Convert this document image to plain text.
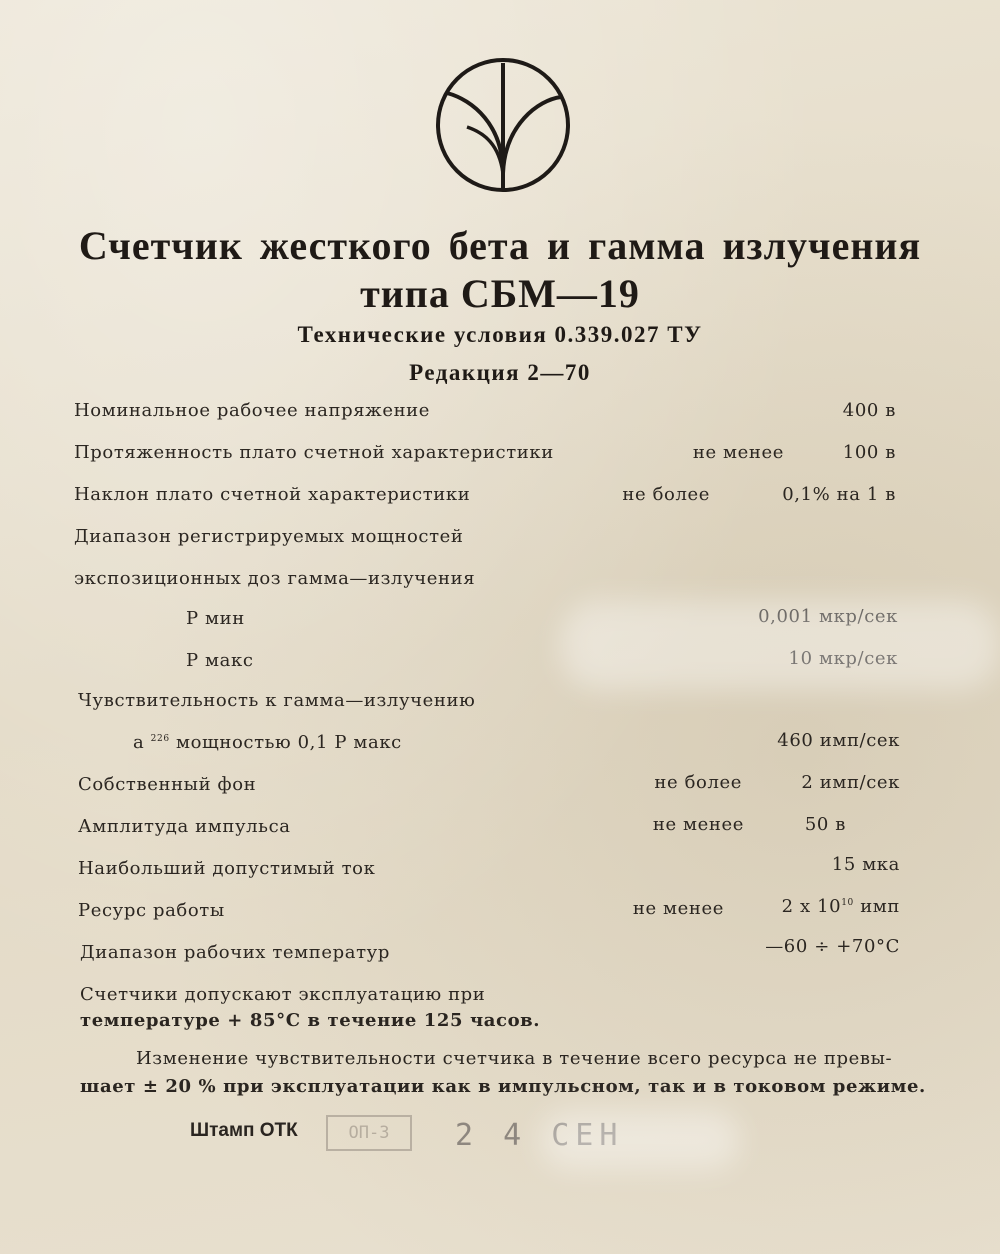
Счетчик жесткого бета и гамма излучения
типа СБМ—19
Технические условия 0.339.027 ТУ
Редакция 2—70
Номинальное рабочее напряжение	400 в
Протяженность плато счетной характеристики	не менее	100 в
Наклон плато счетной характеристики	не более	0,1% на 1 в
Диапазон регистрируемых мощностей
экспозиционных доз гамма—излучения
Р мин	0,001 мкр/сек
Р макс	10 мкр/сек
Чувствительность к гамма—излучению
а $^{226}$ мощностью 0,1 Р макс	460 имп/сек
Собственный фон	не более	2 имп/сек
Амплитуда импульса	не менее	50 в
Наибольший допустимый ток	15 мка
Ресурс работы	не менее	2 х $10^{10}$ имп
Диапазон рабочих температур	—60 ÷ +70°С
Счетчики допускают эксплуатацию при
температуре + 85°С в течение 125 часов.
Изменение чувствительности счетчика в течение всего ресурса не превы-
шает ± 20 % при эксплуатации как в импульсном, так и в токовом режиме.
Штамп ОТК	ОП-3	2 4 СЕН
